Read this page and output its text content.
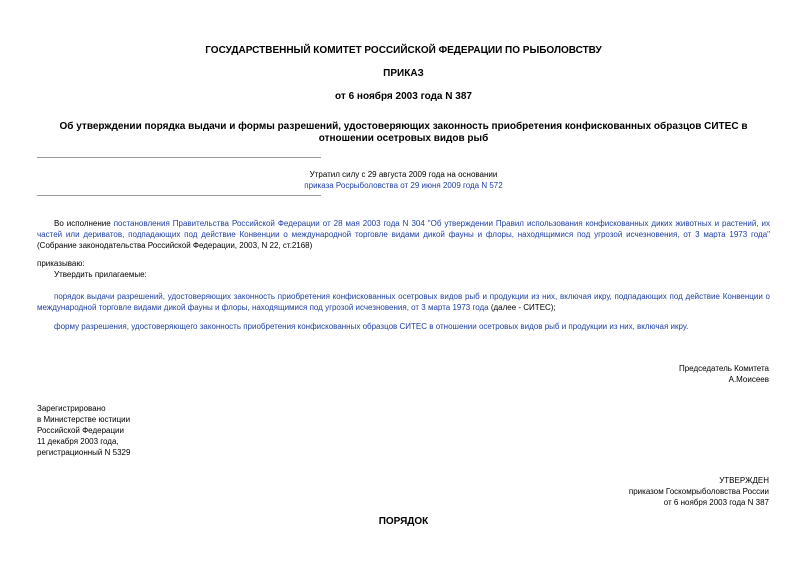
ГОСУДАРСТВЕННЫЙ КОМИТЕТ РОССИЙСКОЙ ФЕДЕРАЦИИ ПО РЫБОЛОВСТВУ
ПРИКАЗ
от 6 ноября 2003 года N 387
Об утверждении порядка выдачи и формы разрешений, удостоверяющих законность приобретения конфискованных образцов СИТЕС в отношении осетровых видов рыб
Утратил силу с 29 августа 2009 года на основании
приказа Росрыболовства от 29 июня 2009 года N 572
Во исполнение постановления Правительства Российской Федерации от 28 мая 2003 года N 304 "Об утверждении Правил использования конфискованных диких животных и растений, их частей или дериватов, подпадающих под действие Конвенции о международной торговле видами дикой фауны и флоры, находящимися под угрозой исчезновения, от 3 марта 1973 года" (Собрание законодательства Российской Федерации, 2003, N 22, ст.2168)
приказываю:
Утвердить прилагаемые:
порядок выдачи разрешений, удостоверяющих законность приобретения конфискованных осетровых видов рыб и продукции из них, включая икру, подпадающих под действие Конвенции о международной торговле видами дикой фауны и флоры, находящимися под угрозой исчезновения, от 3 марта 1973 года (далее - СИТЕС);
форму разрешения, удостоверяющего законность приобретения конфискованных образцов СИТЕС в отношении осетровых видов рыб и продукции из них, включая икру.
Председатель Комитета
А.Моисеев
Зарегистрировано
в Министерстве юстиции
Российской Федерации
11 декабря 2003 года,
регистрационный N 5329
УТВЕРЖДЕН
приказом Госкомрыболовства России
от 6 ноября 2003 года N 387
ПОРЯДОК
